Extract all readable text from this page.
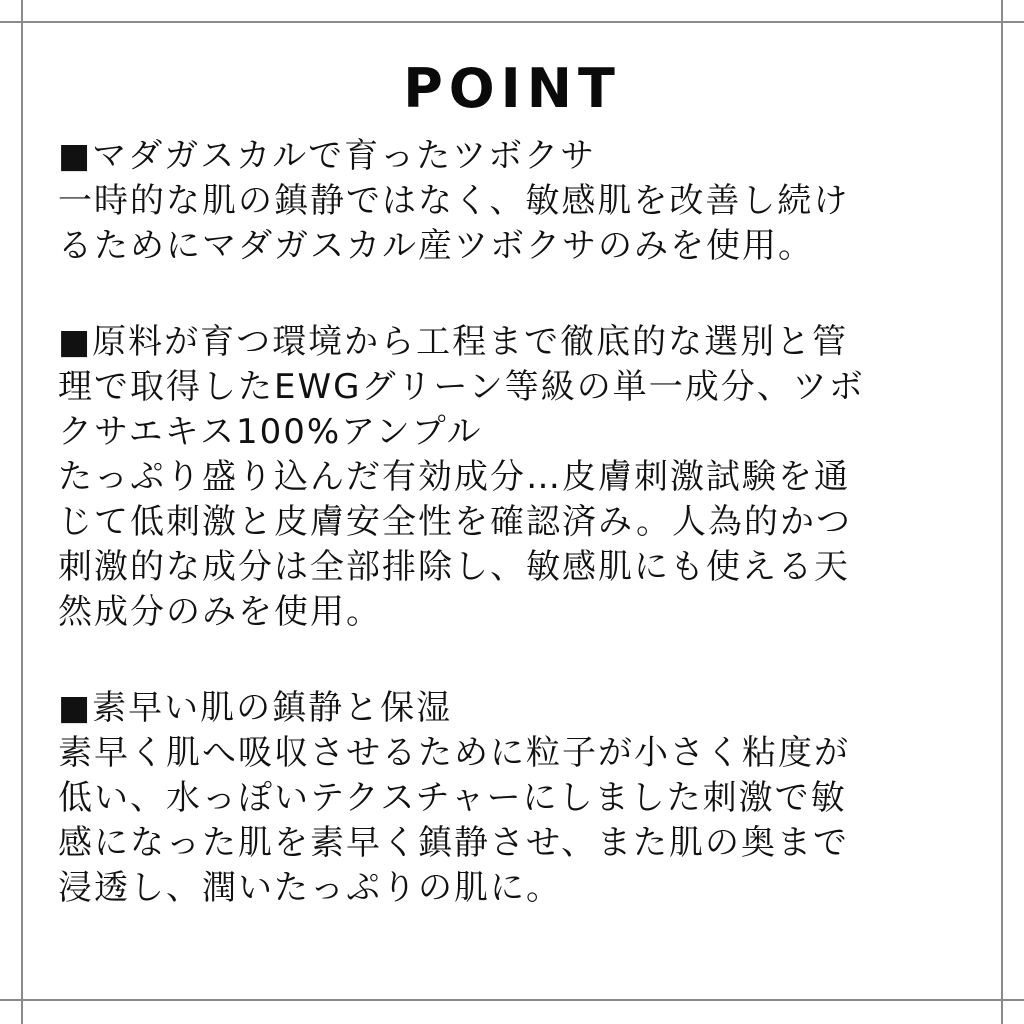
POINT
■マダガスカルで育ったツボクサ
一時的な肌の鎮静ではなく、敏感肌を改善し続け
るためにマダガスカル産ツボクサのみを使用。
■原料が育つ環境から工程まで徹底的な選別と管
理で取得したEWGグリーン等級の単一成分、ツボ
クサエキス100%アンプル
たっぷり盛り込んだ有効成分…皮膚刺激試験を通
じて低刺激と皮膚安全性を確認済み。人為的かつ
刺激的な成分は全部排除し、敏感肌にも使える天
然成分のみを使用。
■素早い肌の鎮静と保湿
素早く肌へ吸収させるために粒子が小さく粘度が
低い、水っぽいテクスチャーにしました刺激で敏
感になった肌を素早く鎮静させ、また肌の奥まで
浸透し、潤いたっぷりの肌に。
